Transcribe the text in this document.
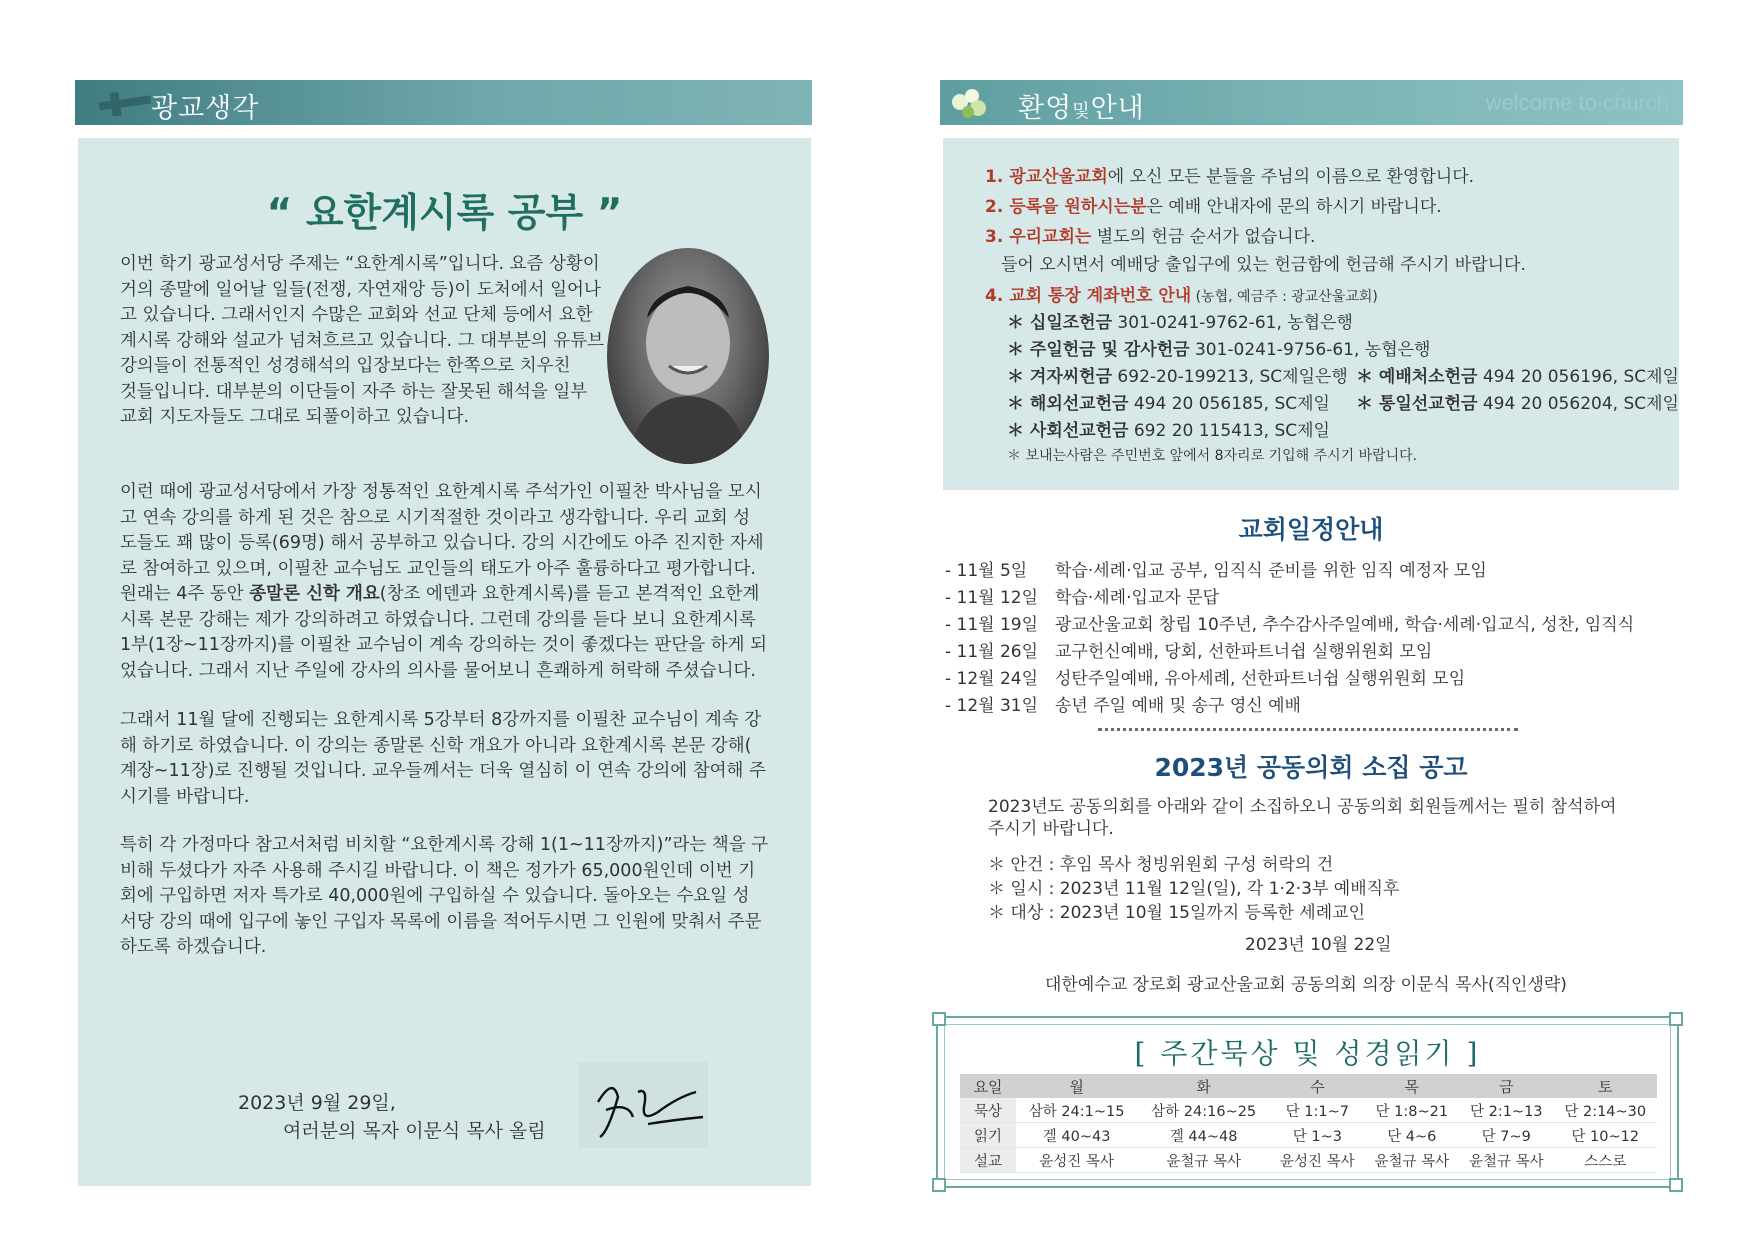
광교생각
“ 요한계시록 공부 ”
이번 학기 광교성서당 주제는 “요한계시록”입니다. 요즘 상황이
거의 종말에 일어날 일들(전쟁, 자연재앙 등)이 도처에서 일어나
고 있습니다. 그래서인지 수많은 교회와 선교 단체 등에서 요한
계시록 강해와 설교가 넘쳐흐르고 있습니다. 그 대부분의 유튜브
강의들이 전통적인 성경해석의 입장보다는 한쪽으로 치우친
것들입니다. 대부분의 이단들이 자주 하는 잘못된 해석을 일부
교회 지도자들도 그대로 되풀이하고 있습니다.
이런 때에 광교성서당에서 가장 정통적인 요한계시록 주석가인 이필찬 박사님을 모시
고 연속 강의를 하게 된 것은 참으로 시기적절한 것이라고 생각합니다. 우리 교회 성
도들도 꽤 많이 등록(69명) 해서 공부하고 있습니다. 강의 시간에도 아주 진지한 자세
로 참여하고 있으며, 이필찬 교수님도 교인들의 태도가 아주 훌륭하다고 평가합니다.
원래는 4주 동안 종말론 신학 개요(창조 에덴과 요한계시록)를 듣고 본격적인 요한계
시록 본문 강해는 제가 강의하려고 하였습니다. 그런데 강의를 듣다 보니 요한계시록
1부(1장~11장까지)를 이필찬 교수님이 계속 강의하는 것이 좋겠다는 판단을 하게 되
었습니다. 그래서 지난 주일에 강사의 의사를 물어보니 흔쾌하게 허락해 주셨습니다.
그래서 11월 달에 진행되는 요한계시록 5강부터 8강까지를 이필찬 교수님이 계속 강
해 하기로 하였습니다. 이 강의는 종말론 신학 개요가 아니라 요한계시록 본문 강해(
계장~11장)로 진행될 것입니다. 교우들께서는 더욱 열심히 이 연속 강의에 참여해 주
시기를 바랍니다.
특히 각 가정마다 참고서처럼 비치할 “요한계시록 강해 1(1~11장까지)”라는 책을 구
비해 두셨다가 자주 사용해 주시길 바랍니다. 이 책은 정가가 65,000원인데 이번 기
회에 구입하면 저자 특가로 40,000원에 구입하실 수 있습니다. 돌아오는 수요일 성
서당 강의 때에 입구에 놓인 구입자 목록에 이름을 적어두시면 그 인원에 맞춰서 주문
하도록 하겠습니다.
2023년 9월 29일,
여러분의 목자 이문식 목사 올림
환영및안내	welcome to church
1. 광교산울교회에 오신 모든 분들을 주님의 이름으로 환영합니다.
2. 등록을 원하시는분은 예배 안내자에 문의 하시기 바랍니다.
3. 우리교회는 별도의 헌금 순서가 없습니다.
들어 오시면서 예배당 출입구에 있는 헌금함에 헌금해 주시기 바랍니다.
4. 교회 통장 계좌번호 안내 (농협, 예금주 : 광교산울교회)
＊ 십일조헌금 301-0241-9762-61, 농협은행
＊ 주일헌금 및 감사헌금 301-0241-9756-61, 농협은행
＊ 겨자씨헌금 692-20-199213, SC제일은행 ＊ 예배처소헌금 494 20 056196, SC제일
＊ 해외선교헌금 494 20 056185, SC제일 ＊ 통일선교헌금 494 20 056204, SC제일
＊ 사회선교헌금 692 20 115413, SC제일
＊ 보내는사람은 주민번호 앞에서 8자리로 기입해 주시기 바랍니다.
교회일정안내
- 11월 5일 학습·세례·입교 공부, 임직식 준비를 위한 임직 예정자 모임
- 11월 12일 학습·세례·입교자 문답
- 11월 19일 광교산울교회 창립 10주년, 추수감사주일예배, 학습·세례·입교식, 성찬, 임직식
- 11월 26일 교구헌신예배, 당회, 선한파트너쉽 실행위원회 모임
- 12월 24일 성탄주일예배, 유아세례, 선한파트너쉽 실행위원회 모임
- 12월 31일 송년 주일 예배 및 송구 영신 예배
2023년 공동의회 소집 공고
2023년도 공동의회를 아래와 같이 소집하오니 공동의회 회원들께서는 필히 참석하여
주시기 바랍니다.
＊ 안건 : 후임 목사 청빙위원회 구성 허락의 건
＊ 일시 : 2023년 11월 12일(일), 각 1·2·3부 예배직후
＊ 대상 : 2023년 10월 15일까지 등록한 세례교인
2023년 10월 22일
대한예수교 장로회 광교산울교회 공동의회 의장 이문식 목사(직인생략)
[ 주간묵상 및 성경읽기 ]
요일	월	화	수	목	금	토
묵상	삼하 24:1~15	삼하 24:16~25	단 1:1~7	단 1:8~21	단 2:1~13	단 2:14~30
읽기	겔 40~43	겔 44~48	단 1~3	단 4~6	단 7~9	단 10~12
설교	윤성진 목사	윤철규 목사	윤성진 목사	윤철규 목사	윤철규 목사	스스로
